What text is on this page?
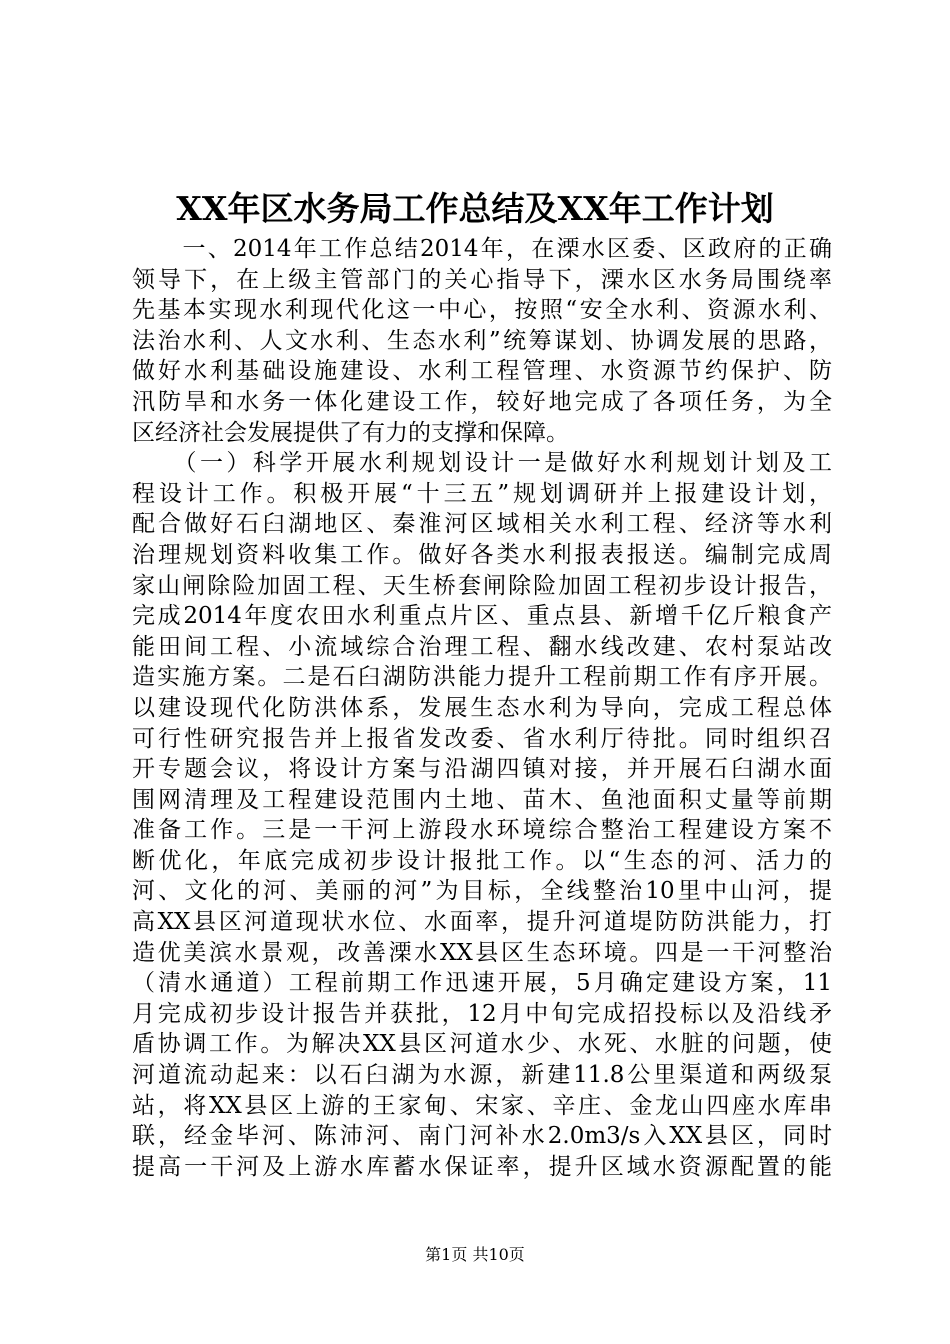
XX年区水务局工作总结及XX年工作计划
　　一、2014年工作总结2014年，在溧水区委、区政府的正确
领导下，在上级主管部门的关心指导下，溧水区水务局围绕率
先基本实现水利现代化这一中心，按照“安全水利、资源水利、
法治水利、人文水利、生态水利”统筹谋划、协调发展的思路，
做好水利基础设施建设、水利工程管理、水资源节约保护、防
汛防旱和水务一体化建设工作，较好地完成了各项任务，为全
区经济社会发展提供了有力的支撑和保障。
　　（一）科学开展水利规划设计一是做好水利规划计划及工
程设计工作。积极开展“十三五”规划调研并上报建设计划，
配合做好石臼湖地区、秦淮河区域相关水利工程、经济等水利
治理规划资料收集工作。做好各类水利报表报送。编制完成周
家山闸除险加固工程、天生桥套闸除险加固工程初步设计报告，
完成2014年度农田水利重点片区、重点县、新增千亿斤粮食产
能田间工程、小流域综合治理工程、翻水线改建、农村泵站改
造实施方案。二是石臼湖防洪能力提升工程前期工作有序开展。
以建设现代化防洪体系，发展生态水利为导向，完成工程总体
可行性研究报告并上报省发改委、省水利厅待批。同时组织召
开专题会议，将设计方案与沿湖四镇对接，并开展石臼湖水面
围网清理及工程建设范围内土地、苗木、鱼池面积丈量等前期
准备工作。三是一干河上游段水环境综合整治工程建设方案不
断优化，年底完成初步设计报批工作。以“生态的河、活力的
河、文化的河、美丽的河”为目标，全线整治10里中山河，提
高XX县区河道现状水位、水面率，提升河道堤防防洪能力，打
造优美滨水景观，改善溧水XX县区生态环境。四是一干河整治
（清水通道）工程前期工作迅速开展，5月确定建设方案，11
月完成初步设计报告并获批，12月中旬完成招投标以及沿线矛
盾协调工作。为解决XX县区河道水少、水死、水脏的问题，使
河道流动起来：以石臼湖为水源，新建11.8公里渠道和两级泵
站，将XX县区上游的王家甸、宋家、辛庄、金龙山四座水库串
联，经金毕河、陈沛河、南门河补水2.0m3/s入XX县区，同时
提高一干河及上游水库蓄水保证率，提升区域水资源配置的能
第1页 共10页
